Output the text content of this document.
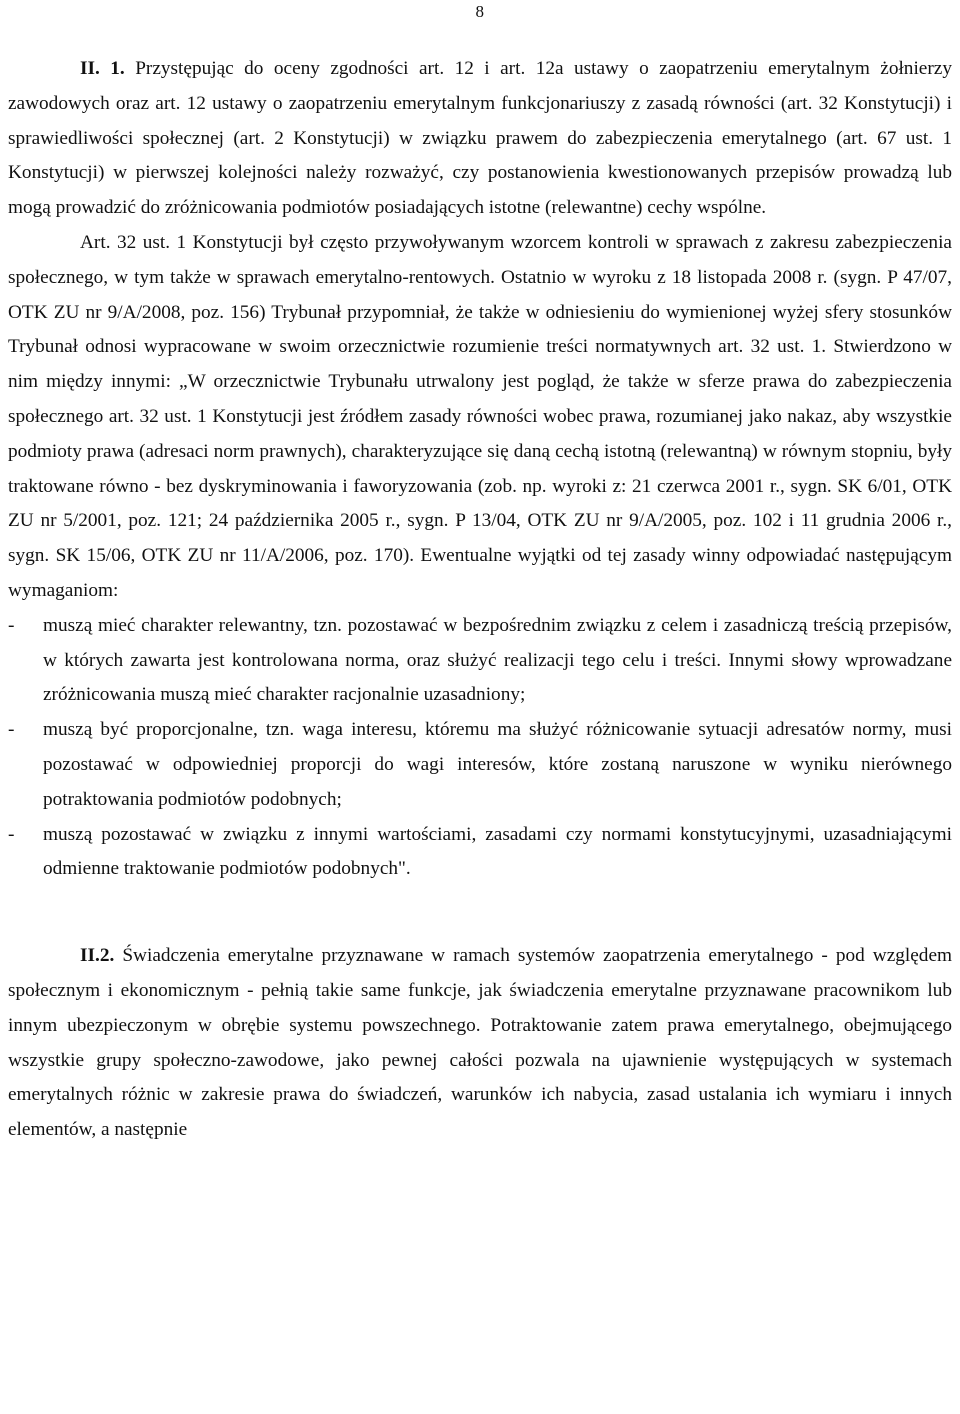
8

II. 1. Przystępując do oceny zgodności art. 12 i art. 12a ustawy o zaopatrzeniu emerytalnym żołnierzy zawodowych oraz art. 12 ustawy o zaopatrzeniu emerytalnym funkcjonariuszy z zasadą równości (art. 32 Konstytucji) i sprawiedliwości społecznej (art. 2 Konstytucji) w związku prawem do zabezpieczenia emerytalnego (art. 67 ust. 1 Konstytucji) w pierwszej kolejności należy rozważyć, czy postanowienia kwestionowanych przepisów prowadzą lub mogą prowadzić do zróżnicowania podmiotów posiadających istotne (relewantne) cechy wspólne.

Art. 32 ust. 1 Konstytucji był często przywoływanym wzorcem kontroli w sprawach z zakresu zabezpieczenia społecznego, w tym także w sprawach emerytalno-rentowych. Ostatnio w wyroku z 18 listopada 2008 r. (sygn. P 47/07, OTK ZU nr 9/A/2008, poz. 156) Trybunał przypomniał, że także w odniesieniu do wymienionej wyżej sfery stosunków Trybunał odnosi wypracowane w swoim orzecznictwie rozumienie treści normatywnych art. 32 ust. 1. Stwierdzono w nim między innymi: „W orzecznictwie Trybunału utrwalony jest pogląd, że także w sferze prawa do zabezpieczenia społecznego art. 32 ust. 1 Konstytucji jest źródłem zasady równości wobec prawa, rozumianej jako nakaz, aby wszystkie podmioty prawa (adresaci norm prawnych), charakteryzujące się daną cechą istotną (relewantną) w równym stopniu, były traktowane równo - bez dyskryminowania i faworyzowania (zob. np. wyroki z: 21 czerwca 2001 r., sygn. SK 6/01, OTK ZU nr 5/2001, poz. 121; 24 października 2005 r., sygn. P 13/04, OTK ZU nr 9/A/2005, poz. 102 i 11 grudnia 2006 r., sygn. SK 15/06, OTK ZU nr 11/A/2006, poz. 170). Ewentualne wyjątki od tej zasady winny odpowiadać następującym wymaganiom:

-	muszą mieć charakter relewantny, tzn. pozostawać w bezpośrednim związku z celem i zasadniczą treścią przepisów, w których zawarta jest kontrolowana norma, oraz służyć realizacji tego celu i treści. Innymi słowy wprowadzane zróżnicowania muszą mieć charakter racjonalnie uzasadniony;
-	muszą być proporcjonalne, tzn. waga interesu, któremu ma służyć różnicowanie sytuacji adresatów normy, musi pozostawać w odpowiedniej proporcji do wagi interesów, które zostaną naruszone w wyniku nierównego potraktowania podmiotów podobnych;
-	muszą pozostawać w związku z innymi wartościami, zasadami czy normami konstytucyjnymi, uzasadniającymi odmienne traktowanie podmiotów podobnych".

II.2. Świadczenia emerytalne przyznawane w ramach systemów zaopatrzenia emerytalnego - pod względem społecznym i ekonomicznym - pełnią takie same funkcje, jak świadczenia emerytalne przyznawane pracownikom lub innym ubezpieczonym w obrębie systemu powszechnego. Potraktowanie zatem prawa emerytalnego, obejmującego wszystkie grupy społeczno-zawodowe, jako pewnej całości pozwala na ujawnienie występujących w systemach emerytalnych różnic w zakresie prawa do świadczeń, warunków ich nabycia, zasad ustalania ich wymiaru i innych elementów, a następnie
